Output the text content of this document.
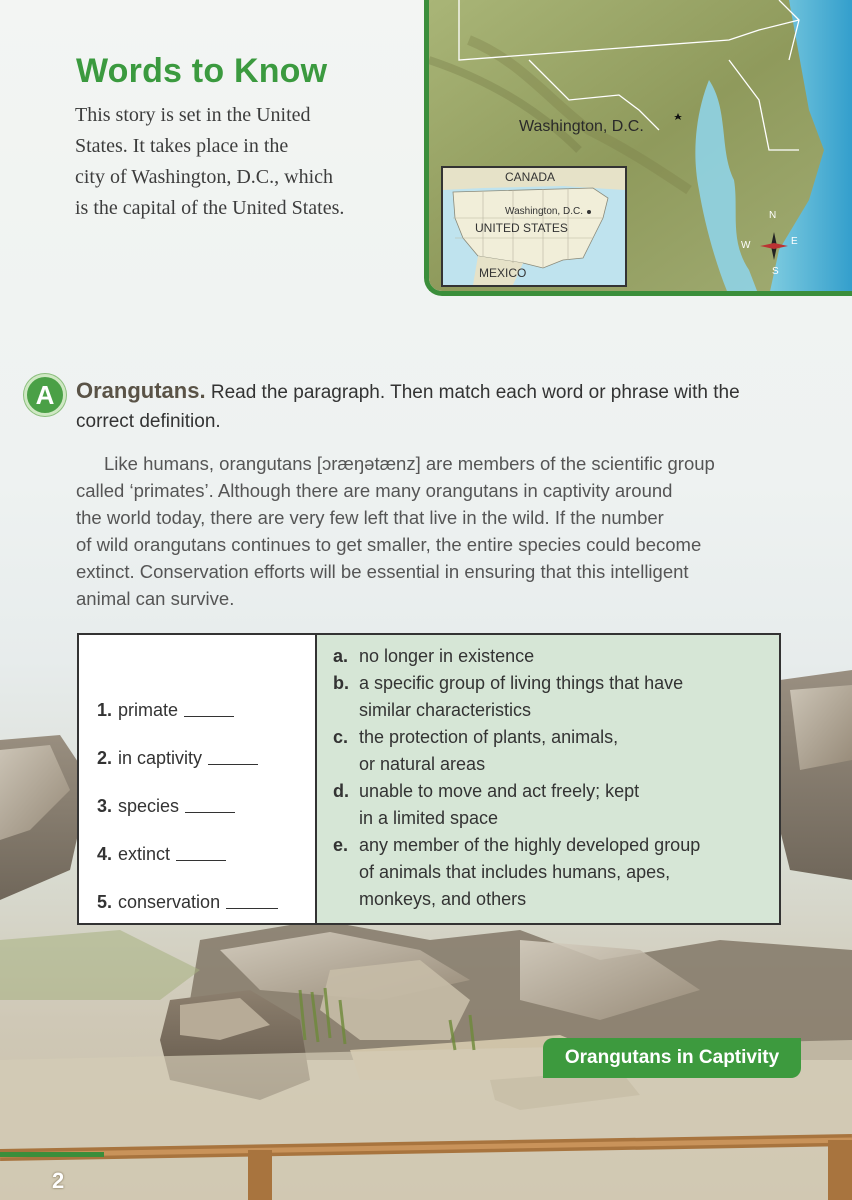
Words to Know
This story is set in the United
States. It takes place in the
city of Washington, D.C., which
is the capital of the United States.
Washington, D.C.
N
W	E
S
CANADA
Washington, D.C.
UNITED STATES
MEXICO
A Orangutans. Read the paragraph. Then match each word or phrase with the correct definition.
Like humans, orangutans [ɔræŋətænz] are members of the scientific group
called ‘primates’. Although there are many orangutans in captivity around
the world today, there are very few left that live in the wild. If the number
of wild orangutans continues to get smaller, the entire species could become
extinct. Conservation efforts will be essential in ensuring that this intelligent
animal can survive.
1. primate
2. in captivity
3. species
4. extinct
5. conservation
a. no longer in existence
b. a specific group of living things that have
similar characteristics
c. the protection of plants, animals,
or natural areas
d. unable to move and act freely; kept
in a limited space
e. any member of the highly developed group
of animals that includes humans, apes,
monkeys, and others
Orangutans in Captivity
2
